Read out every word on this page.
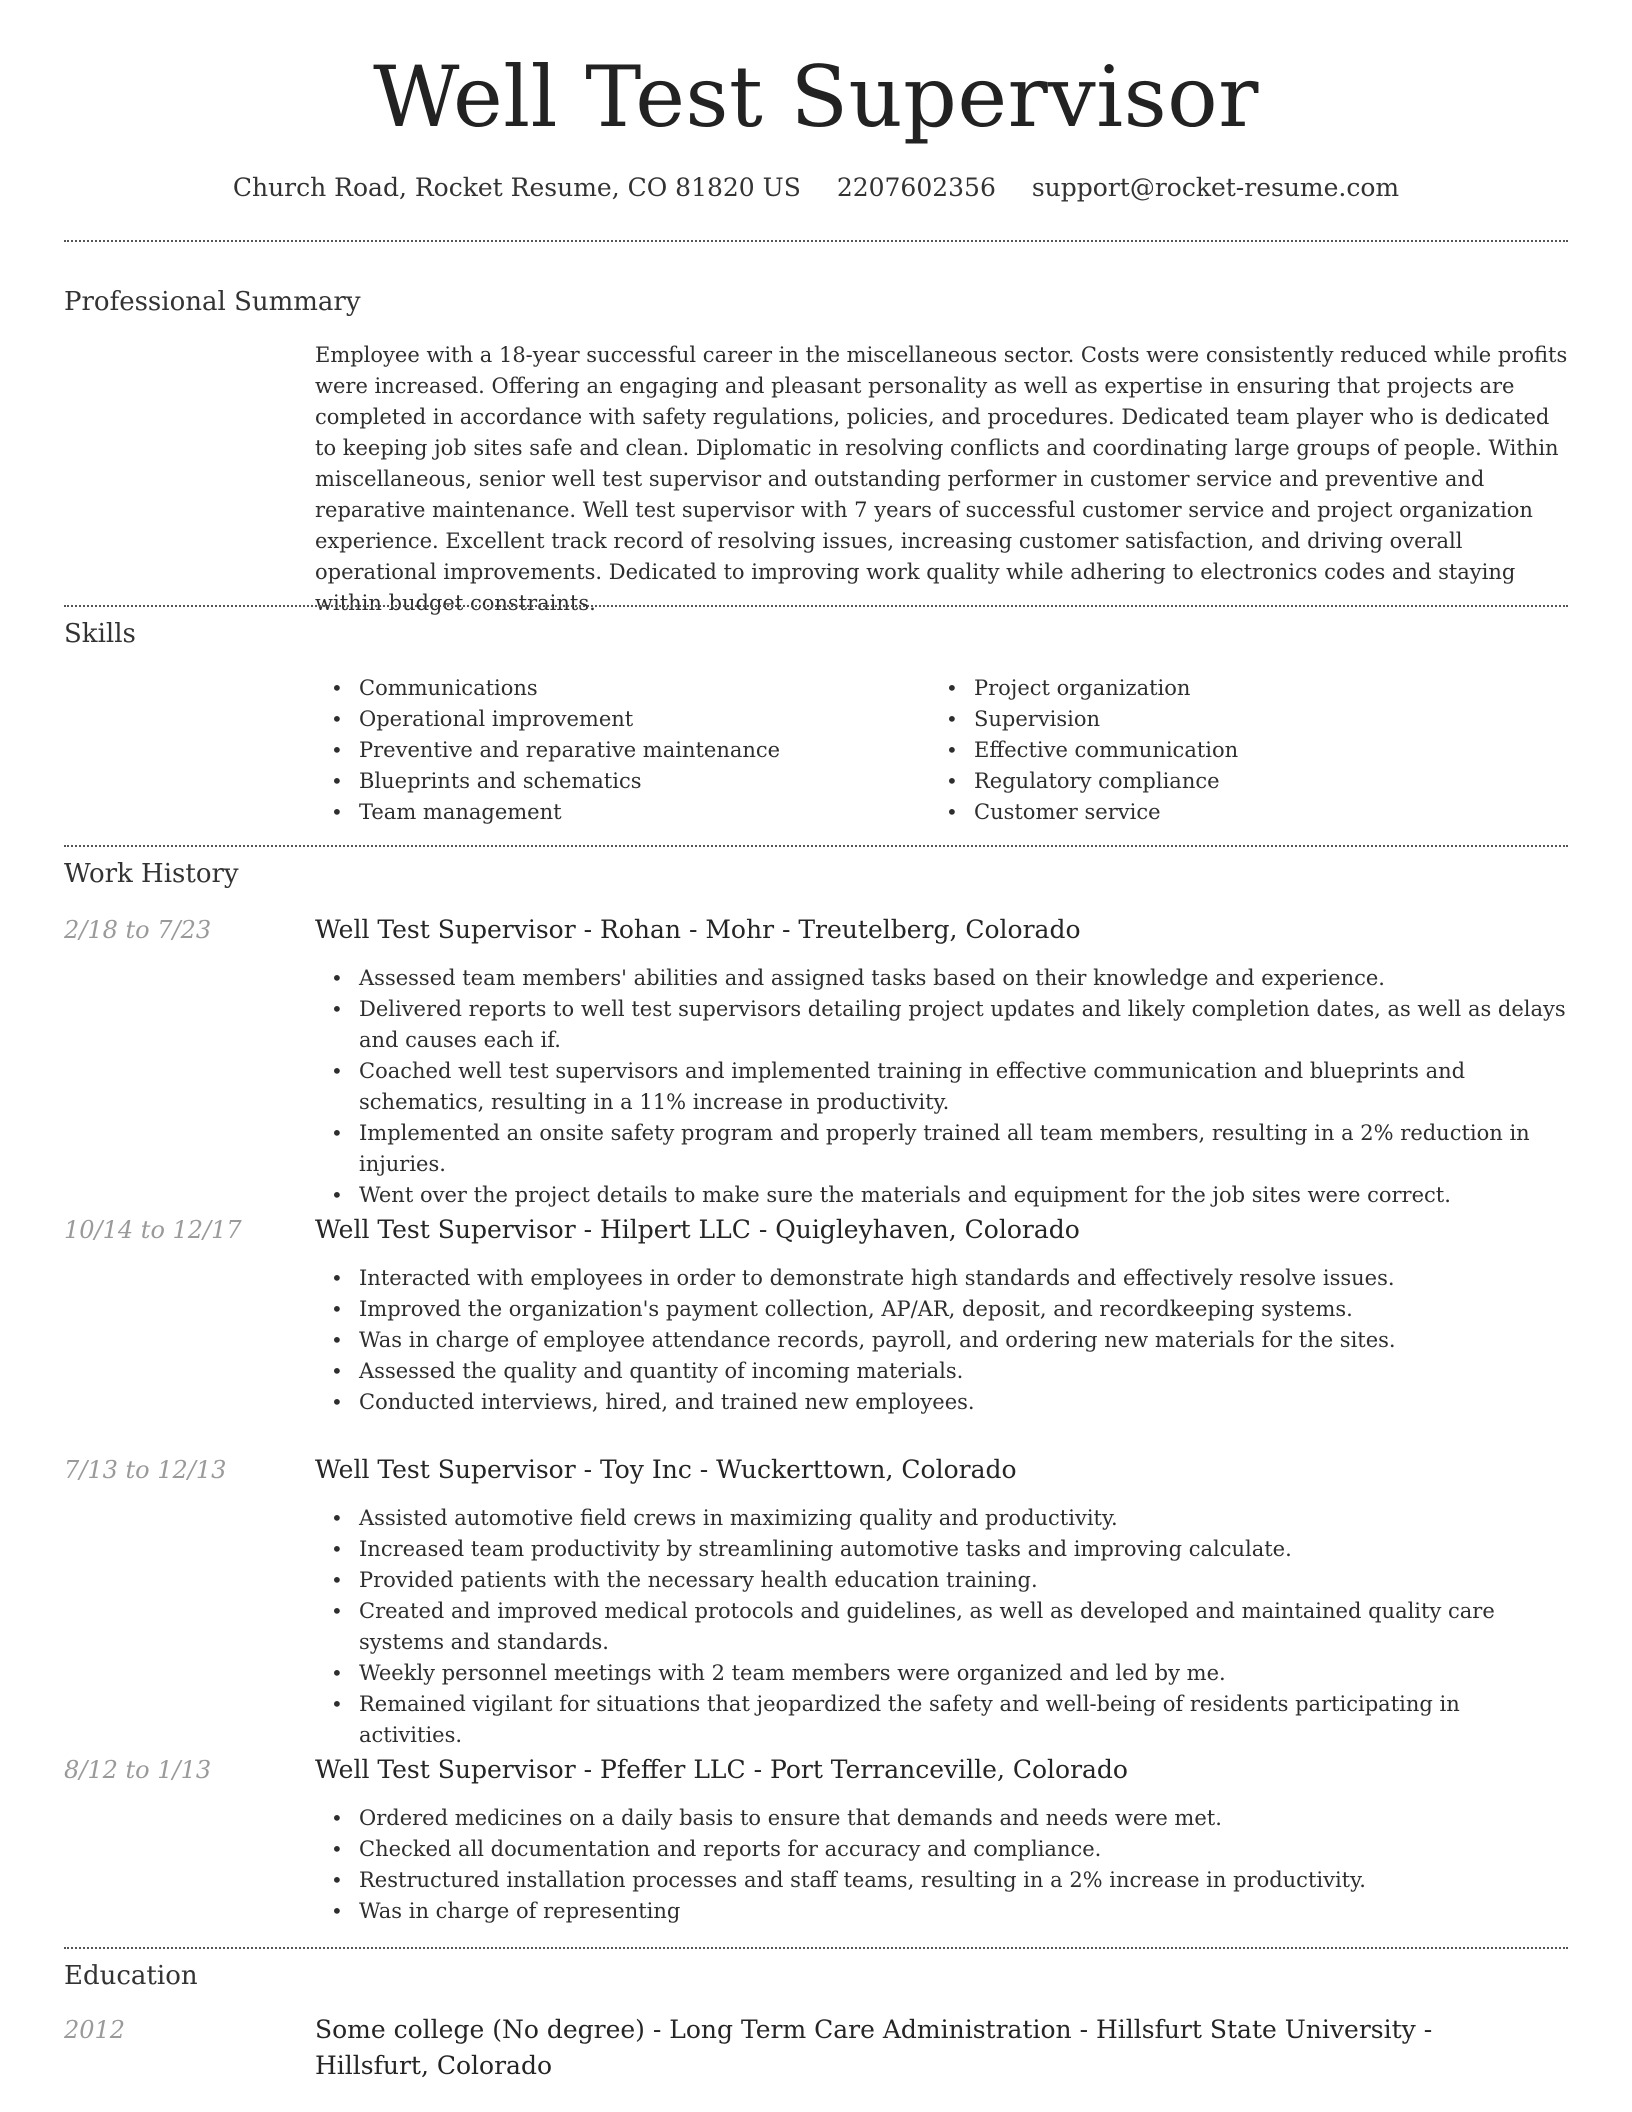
Well Test Supervisor
Church Road, Rocket Resume, CO 81820 US 2207602356 support@rocket-resume.com
Professional Summary
Employee with a 18-year successful career in the miscellaneous sector. Costs were consistently reduced while profits were increased. Offering an engaging and pleasant personality as well as expertise in ensuring that projects are completed in accordance with safety regulations, policies, and procedures. Dedicated team player who is dedicated to keeping job sites safe and clean. Diplomatic in resolving conflicts and coordinating large groups of people. Within miscellaneous, senior well test supervisor and outstanding performer in customer service and preventive and reparative maintenance. Well test supervisor with 7 years of successful customer service and project organization experience. Excellent track record of resolving issues, increasing customer satisfaction, and driving overall operational improvements. Dedicated to improving work quality while adhering to electronics codes and staying within budget constraints.
Skills
• Communications
• Operational improvement
• Preventive and reparative maintenance
• Blueprints and schematics
• Team management
• Project organization
• Supervision
• Effective communication
• Regulatory compliance
• Customer service
Work History
2/18 to 7/23	Well Test Supervisor - Rohan - Mohr - Treutelberg, Colorado
• Assessed team members' abilities and assigned tasks based on their knowledge and experience.
• Delivered reports to well test supervisors detailing project updates and likely completion dates, as well as delays and causes each if.
• Coached well test supervisors and implemented training in effective communication and blueprints and schematics, resulting in a 11% increase in productivity.
• Implemented an onsite safety program and properly trained all team members, resulting in a 2% reduction in injuries.
• Went over the project details to make sure the materials and equipment for the job sites were correct.
10/14 to 12/17	Well Test Supervisor - Hilpert LLC - Quigleyhaven, Colorado
• Interacted with employees in order to demonstrate high standards and effectively resolve issues.
• Improved the organization's payment collection, AP/AR, deposit, and recordkeeping systems.
• Was in charge of employee attendance records, payroll, and ordering new materials for the sites.
• Assessed the quality and quantity of incoming materials.
• Conducted interviews, hired, and trained new employees.
7/13 to 12/13	Well Test Supervisor - Toy Inc - Wuckerttown, Colorado
• Assisted automotive field crews in maximizing quality and productivity.
• Increased team productivity by streamlining automotive tasks and improving calculate.
• Provided patients with the necessary health education training.
• Created and improved medical protocols and guidelines, as well as developed and maintained quality care systems and standards.
• Weekly personnel meetings with 2 team members were organized and led by me.
• Remained vigilant for situations that jeopardized the safety and well-being of residents participating in activities.
8/12 to 1/13	Well Test Supervisor - Pfeffer LLC - Port Terranceville, Colorado
• Ordered medicines on a daily basis to ensure that demands and needs were met.
• Checked all documentation and reports for accuracy and compliance.
• Restructured installation processes and staff teams, resulting in a 2% increase in productivity.
• Was in charge of representing
Education
2012	Some college (No degree) - Long Term Care Administration - Hillsfurt State University - Hillsfurt, Colorado
